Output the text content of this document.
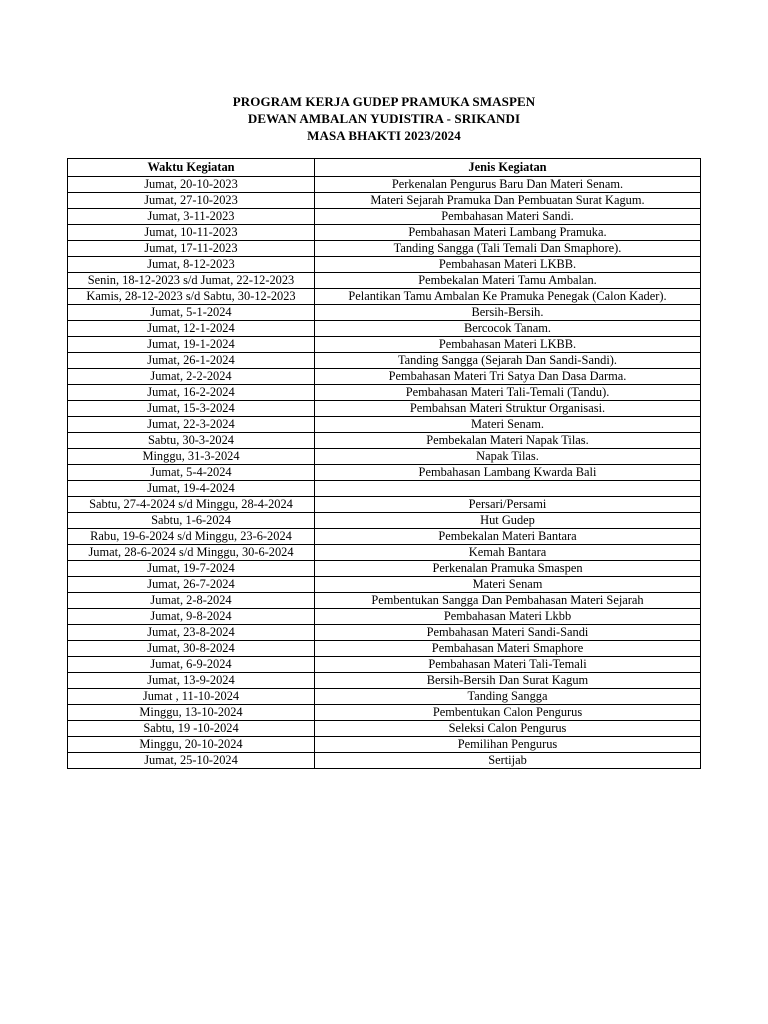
PROGRAM KERJA GUDEP PRAMUKA SMASPEN
DEWAN AMBALAN YUDISTIRA - SRIKANDI
MASA BHAKTI 2023/2024
Waktu Kegiatan	Jenis Kegiatan
Jumat, 20-10-2023	Perkenalan Pengurus Baru Dan Materi Senam.
Jumat, 27-10-2023	Materi Sejarah Pramuka Dan Pembuatan Surat Kagum.
Jumat, 3-11-2023	Pembahasan Materi Sandi.
Jumat, 10-11-2023	Pembahasan Materi Lambang Pramuka.
Jumat, 17-11-2023	Tanding Sangga (Tali Temali Dan Smaphore).
Jumat, 8-12-2023	Pembahasan Materi LKBB.
Senin, 18-12-2023 s/d Jumat, 22-12-2023	Pembekalan Materi Tamu Ambalan.
Kamis, 28-12-2023 s/d Sabtu, 30-12-2023	Pelantikan Tamu Ambalan Ke Pramuka Penegak (Calon Kader).
Jumat, 5-1-2024	Bersih-Bersih.
Jumat, 12-1-2024	Bercocok Tanam.
Jumat, 19-1-2024	Pembahasan Materi LKBB.
Jumat, 26-1-2024	Tanding Sangga (Sejarah Dan Sandi-Sandi).
Jumat, 2-2-2024	Pembahasan Materi Tri Satya Dan Dasa Darma.
Jumat, 16-2-2024	Pembahasan Materi Tali-Temali (Tandu).
Jumat, 15-3-2024	Pembahsan Materi Struktur Organisasi.
Jumat, 22-3-2024	Materi Senam.
Sabtu, 30-3-2024	Pembekalan Materi Napak Tilas.
Minggu, 31-3-2024	Napak Tilas.
Jumat, 5-4-2024	Pembahasan Lambang Kwarda Bali
Jumat, 19-4-2024	
Sabtu, 27-4-2024 s/d Minggu, 28-4-2024	Persari/Persami
Sabtu, 1-6-2024	Hut Gudep
Rabu, 19-6-2024 s/d Minggu, 23-6-2024	Pembekalan Materi Bantara
Jumat, 28-6-2024 s/d Minggu, 30-6-2024	Kemah Bantara
Jumat, 19-7-2024	Perkenalan Pramuka Smaspen
Jumat, 26-7-2024	Materi Senam
Jumat, 2-8-2024	Pembentukan Sangga Dan Pembahasan Materi Sejarah
Jumat, 9-8-2024	Pembahasan Materi Lkbb
Jumat, 23-8-2024	Pembahasan Materi Sandi-Sandi
Jumat, 30-8-2024	Pembahasan Materi Smaphore
Jumat, 6-9-2024	Pembahasan Materi Tali-Temali
Jumat, 13-9-2024	Bersih-Bersih Dan Surat Kagum
Jumat , 11-10-2024	Tanding Sangga
Minggu, 13-10-2024	Pembentukan Calon Pengurus
Sabtu, 19 -10-2024	Seleksi Calon Pengurus
Minggu, 20-10-2024	Pemilihan Pengurus
Jumat, 25-10-2024	Sertijab
